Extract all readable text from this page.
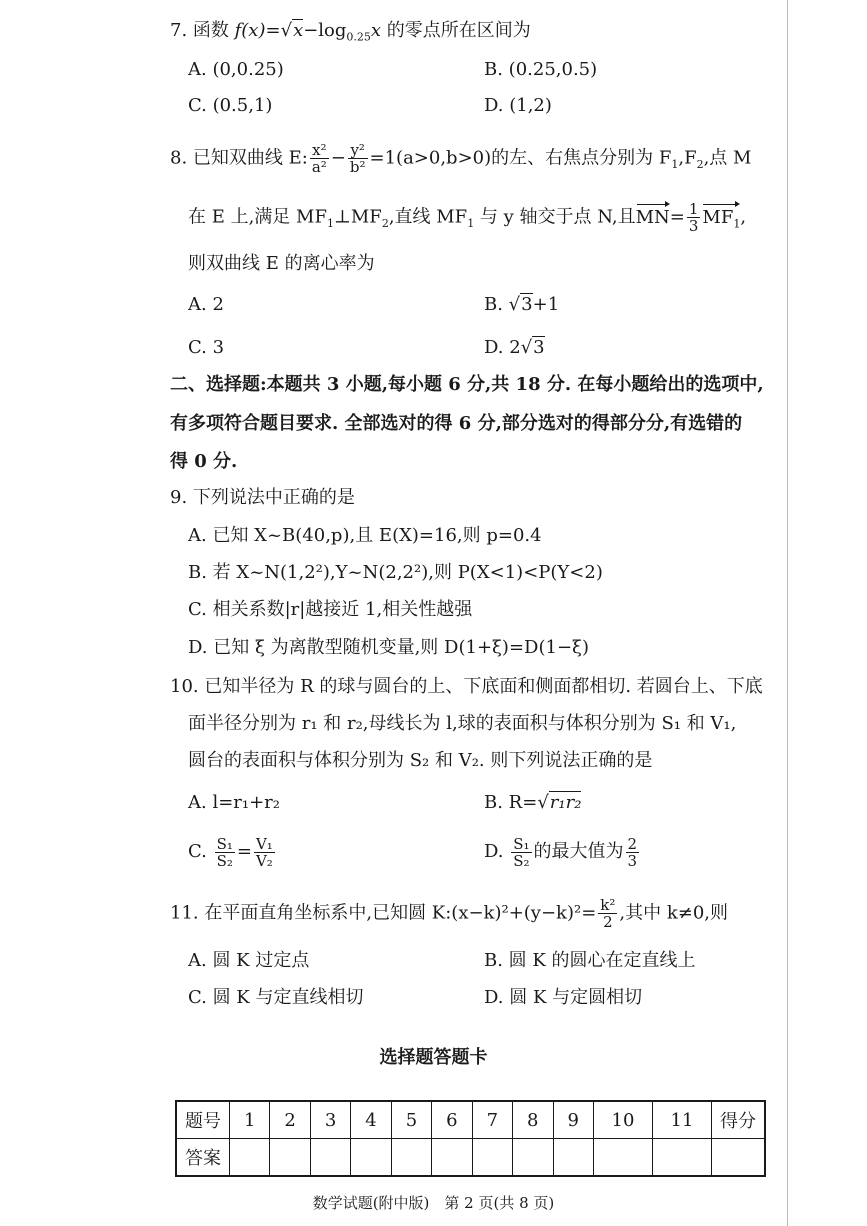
7. 函数 $f(x)=√x-\log_{0.25}x$ 的零点所在区间为
A. (0,0.25)	B. (0.25,0.5)
C. (0.5,1)	D. (1,2)
8. 已知双曲线 E: $\frac{\text{x²}}{\text{a²}} - \frac{\text{y²}}{\text{b²}} =1(a>0,b>0)$的左、右焦点分别为 $F_1,F_2$,点 M
在 E 上,满足 $MF_1\perp MF_2$,直线 $MF_1$ 与 y 轴交于点 N,且$MN= \frac{1}{3} MF_1$,
则双曲线 E 的离心率为
A. 2	B. √3+1
C. 3	D. 2√3
二、选择题:本题共 3 小题,每小题 6 分,共 18 分. 在每小题给出的选项中,
有多项符合题目要求. 全部选对的得 6 分,部分选对的得部分分,有选错的
得 0 分.
9. 下列说法中正确的是
A. 已知 X~B(40,p),且 E(X)=16,则 p=0.4
B. 若 X~N(1,2²),Y~N(2,2²),则 P(X<1)<P(Y<2)
C. 相关系数|r|越接近 1,相关性越强
D. 已知 ξ 为离散型随机变量,则 D(1+ξ)=D(1−ξ)
10. 已知半径为 R 的球与圆台的上、下底面和侧面都相切. 若圆台上、下底
面半径分别为 r₁ 和 r₂,母线长为 l,球的表面积与体积分别为 S₁ 和 V₁,
圆台的表面积与体积分别为 S₂ 和 V₂. 则下列说法正确的是
A. l=r₁+r₂	B. R=√r₁r₂
C. $\frac{\text{S₁}}{\text{S₂}} = \frac{\text{V₁}}{\text{V₂}}$	D. $\frac{\text{S₁}}{\text{S₂}}$ 的最大值为 $\frac{2}{3}$
11. 在平面直角坐标系中,已知圆 K:(x−k)²+(y−k)²= $\frac{\text{k²}}{2}$ ,其中 k≠0,则
A. 圆 K 过定点	B. 圆 K 的圆心在定直线上
C. 圆 K 与定直线相切	D. 圆 K 与定圆相切
选择题答题卡
题号	1	2	3	4	5	6	7	8	9	10	11	得分
答案												
数学试题(附中版)　第 2 页(共 8 页)
